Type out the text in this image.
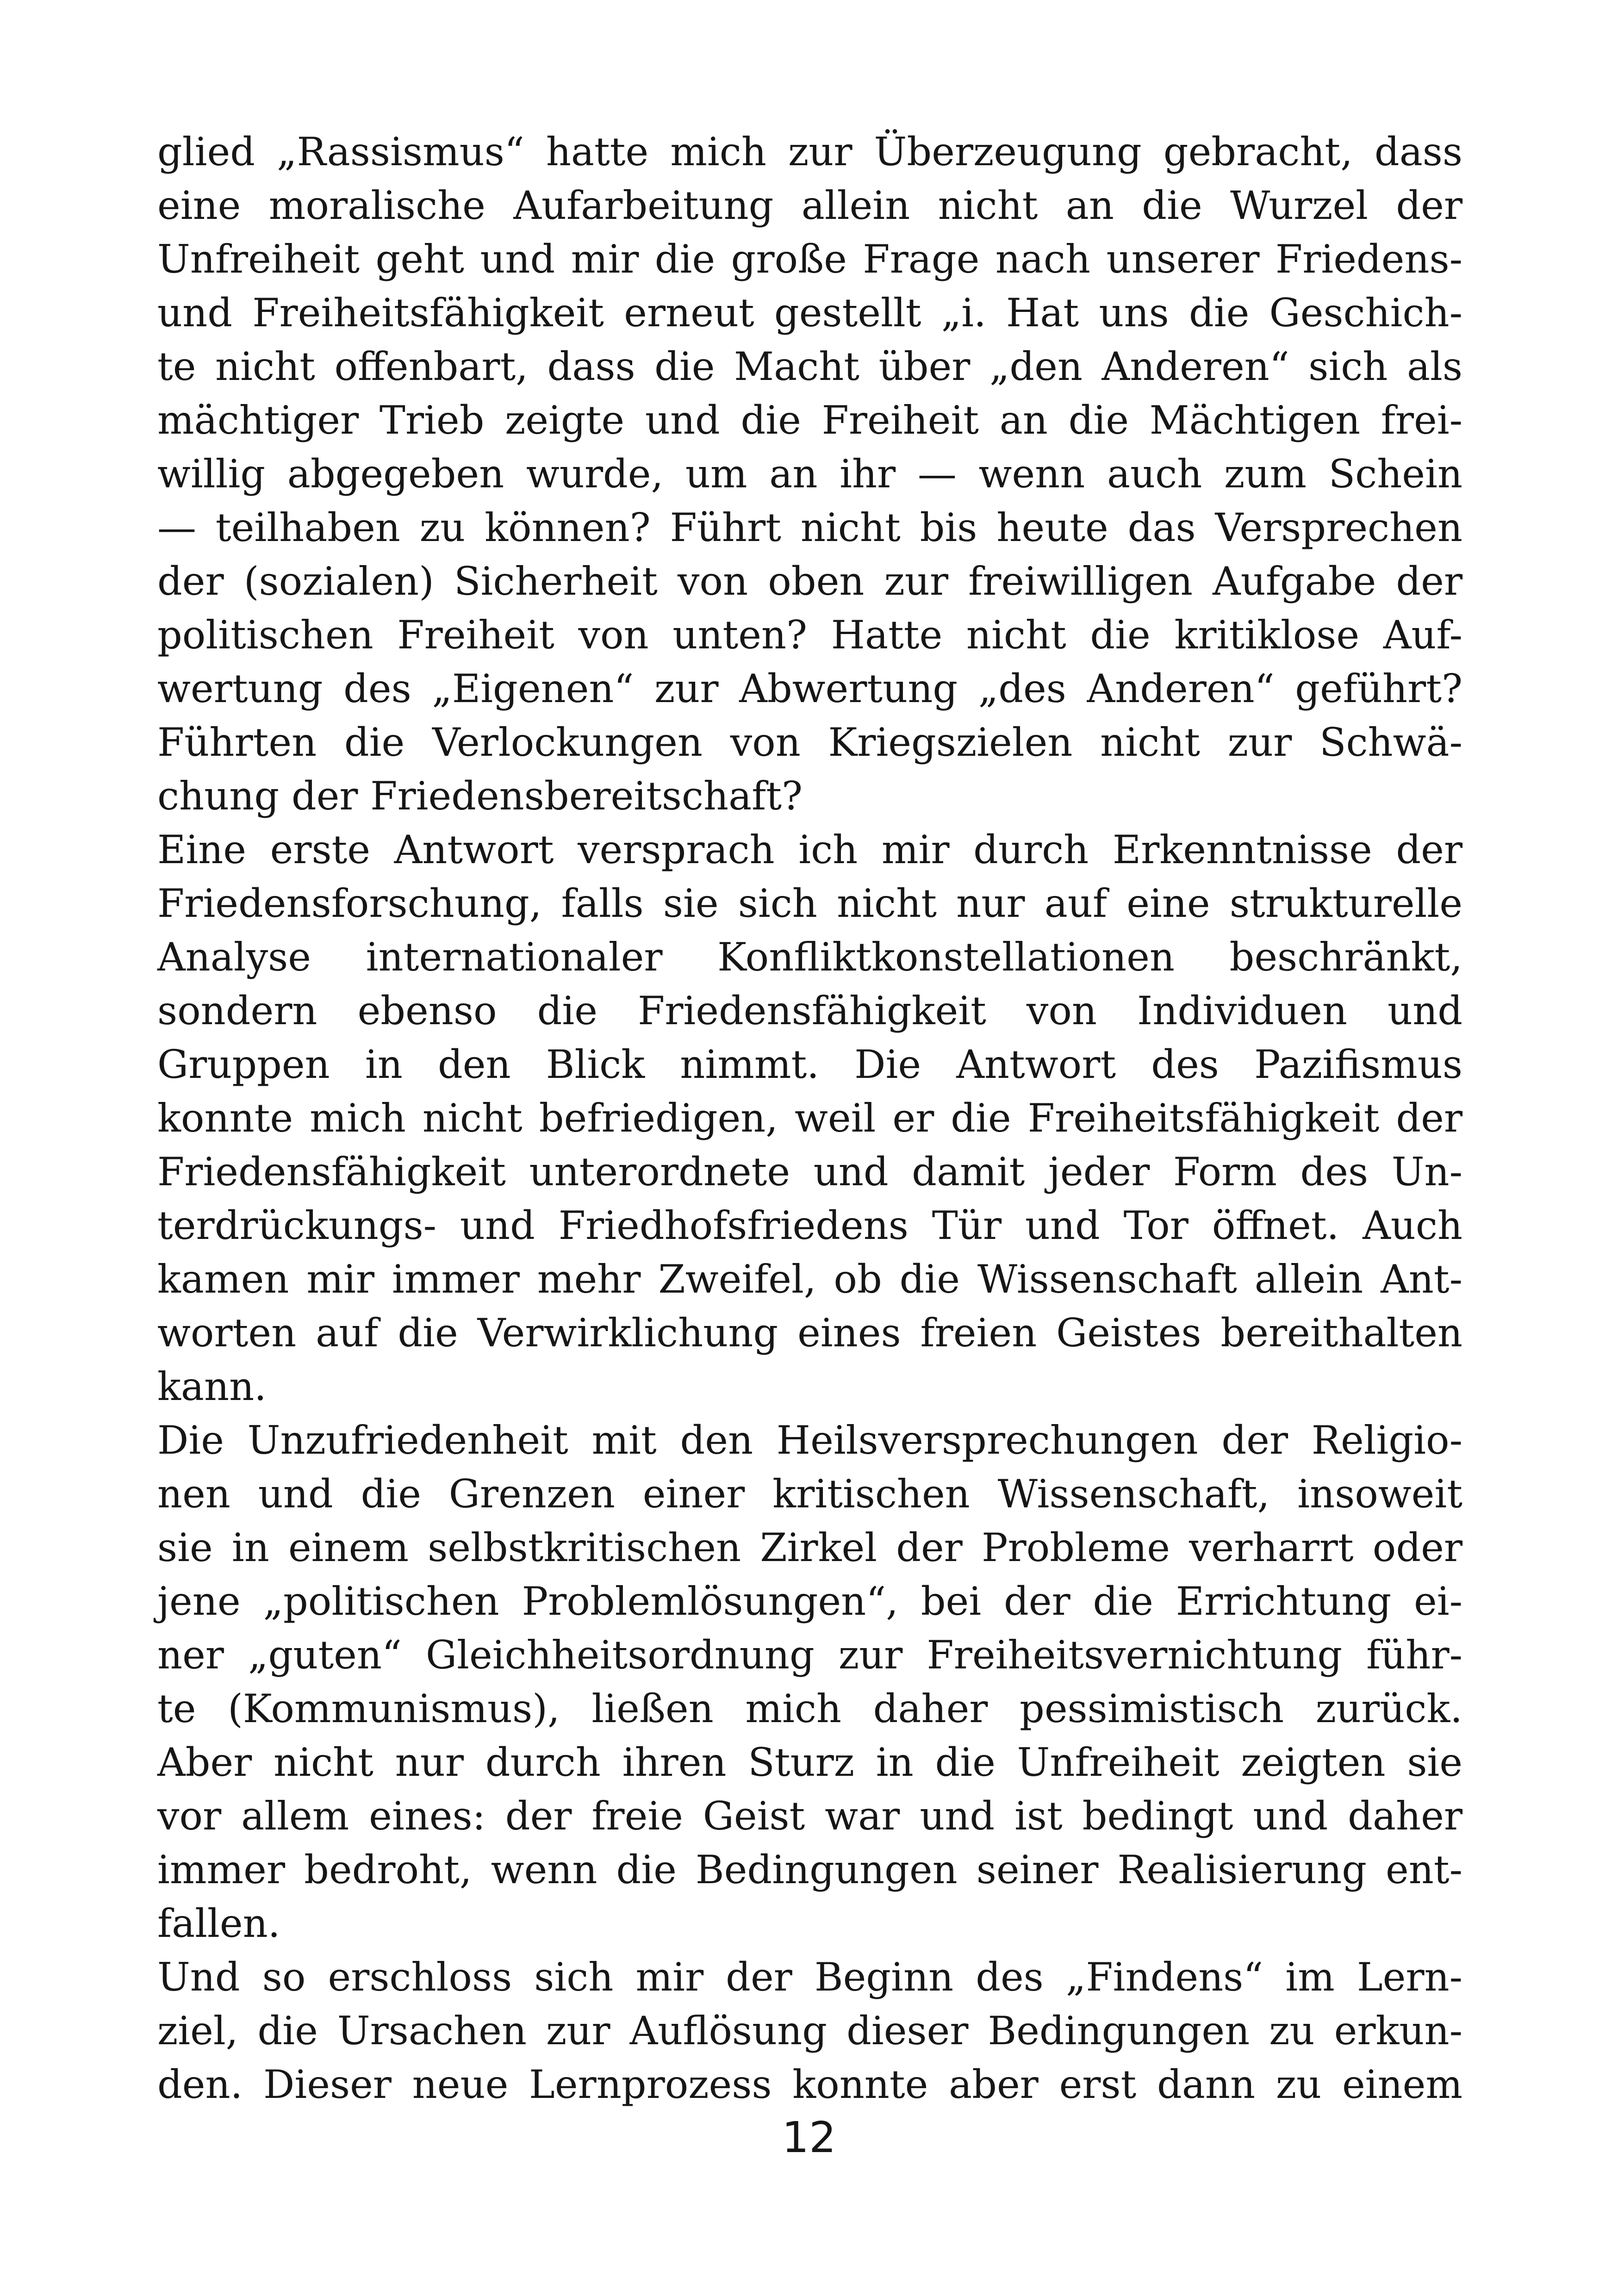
glied „Rassismus“ hatte mich zur Überzeugung gebracht, dass
eine moralische Aufarbeitung allein nicht an die Wurzel der
Unfreiheit geht und mir die große Frage nach unserer Friedens-
und Freiheitsfähigkeit erneut gestellt „i. Hat uns die Geschich-
te nicht offenbart, dass die Macht über „den Anderen“ sich als
mächtiger Trieb zeigte und die Freiheit an die Mächtigen frei-
willig abgegeben wurde, um an ihr — wenn auch zum Schein
— teilhaben zu können? Führt nicht bis heute das Versprechen
der (sozialen) Sicherheit von oben zur freiwilligen Aufgabe der
politischen Freiheit von unten? Hatte nicht die kritiklose Auf-
wertung des „Eigenen“ zur Abwertung „des Anderen“ geführt?
Führten die Verlockungen von Kriegszielen nicht zur Schwä-
chung der Friedensbereitschaft?
Eine erste Antwort versprach ich mir durch Erkenntnisse der
Friedensforschung, falls sie sich nicht nur auf eine strukturelle
Analyse internationaler Konfliktkonstellationen beschränkt,
sondern ebenso die Friedensfähigkeit von Individuen und
Gruppen in den Blick nimmt. Die Antwort des Pazifismus
konnte mich nicht befriedigen, weil er die Freiheitsfähigkeit der
Friedensfähigkeit unterordnete und damit jeder Form des Un-
terdrückungs- und Friedhofsfriedens Tür und Tor öffnet. Auch
kamen mir immer mehr Zweifel, ob die Wissenschaft allein Ant-
worten auf die Verwirklichung eines freien Geistes bereithalten
kann.
Die Unzufriedenheit mit den Heilsversprechungen der Religio-
nen und die Grenzen einer kritischen Wissenschaft, insoweit
sie in einem selbstkritischen Zirkel der Probleme verharrt oder
jene „politischen Problemlösungen“, bei der die Errichtung ei-
ner „guten“ Gleichheitsordnung zur Freiheitsvernichtung führ-
te (Kommunismus), ließen mich daher pessimistisch zurück.
Aber nicht nur durch ihren Sturz in die Unfreiheit zeigten sie
vor allem eines: der freie Geist war und ist bedingt und daher
immer bedroht, wenn die Bedingungen seiner Realisierung ent-
fallen.
Und so erschloss sich mir der Beginn des „Findens“ im Lern-
ziel, die Ursachen zur Auflösung dieser Bedingungen zu erkun-
den. Dieser neue Lernprozess konnte aber erst dann zu einem
12
